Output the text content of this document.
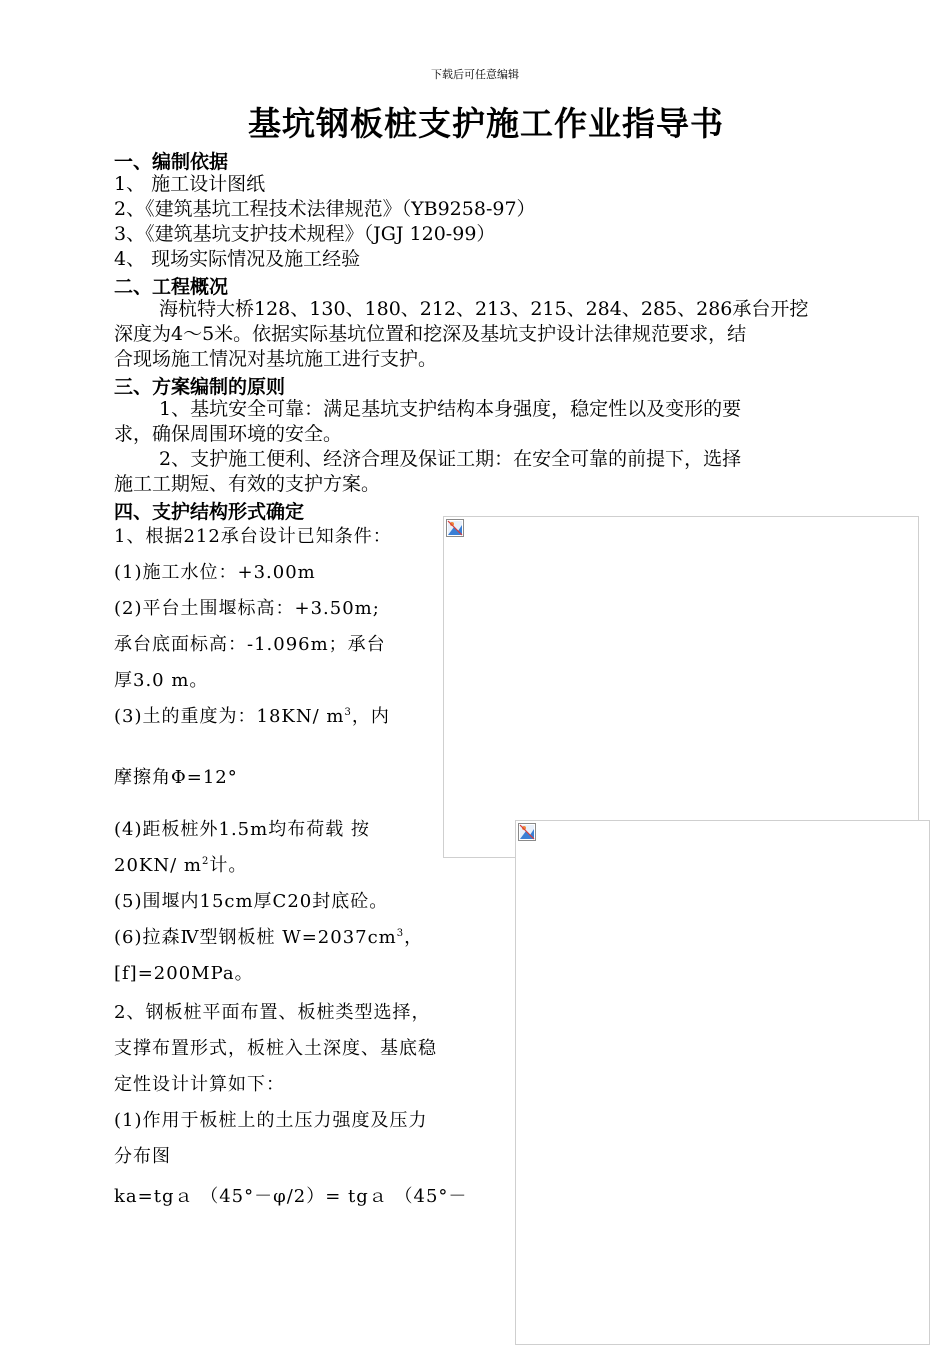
下载后可任意编辑
基坑钢板桩支护施工作业指导书
一、编制依据
1、 施工设计图纸
2、《建筑基坑工程技术法律规范》（YB9258-97）
3、《建筑基坑支护技术规程》（JGJ 120-99）
4、 现场实际情况及施工经验
二、工程概况
海杭特大桥128、130、180、212、213、215、284、285、286承台开挖
深度为4～5米。依据实际基坑位置和挖深及基坑支护设计法律规范要求，结
合现场施工情况对基坑施工进行支护。
三、方案编制的原则
1、基坑安全可靠：满足基坑支护结构本身强度，稳定性以及变形的要
求，确保周围环境的安全。
2、支护施工便利、经济合理及保证工期：在安全可靠的前提下，选择
施工工期短、有效的支护方案。
四、支护结构形式确定
1、根据212承台设计已知条件：
(1)施工水位：+3.00m
(2)平台土围堰标高：+3.50m;
承台底面标高：-1.096m；承台
厚3.0 m。
(3)土的重度为：18KN/ $m^3$，内
摩擦角Φ=12°
(4)距板桩外1.5m均布荷载 按
20KN/ $m^2$计。
(5)围堰内15cm厚C20封底砼。
(6)拉森Ⅳ型钢板桩 $W=2037cm^3$，
[f]=200MPa。
2、钢板桩平面布置、板桩类型选择，
支撑布置形式，板桩入土深度、基底稳
定性设计计算如下：
(1)作用于板桩上的土压力强度及压力
分布图
ka=tgａ （45°－φ/2）= tgａ （45°－
